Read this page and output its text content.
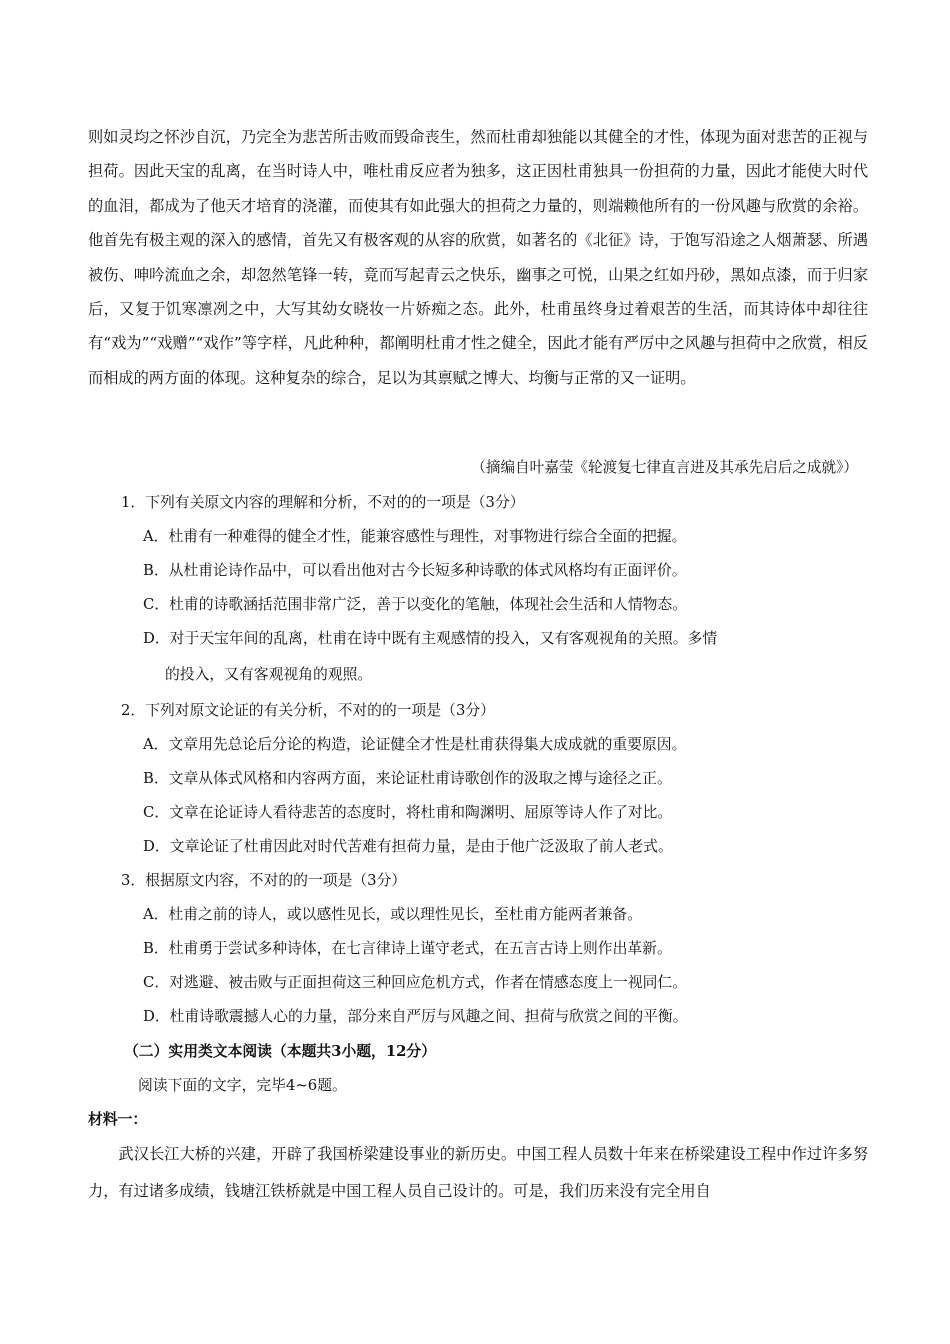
则如灵均之怀沙自沉，乃完全为悲苦所击败而毁命丧生，然而杜甫却独能以其健全的才性，体现为面对悲苦的正视与担荷。因此天宝的乱离，在当时诗人中，唯杜甫反应者为独多，这正因杜甫独具一份担荷的力量，因此才能使大时代的血泪，都成为了他天才培育的浇灌，而使其有如此强大的担荷之力量的，则端赖他所有的一份风趣与欣赏的余裕。他首先有极主观的深入的感情，首先又有极客观的从容的欣赏，如著名的《北征》诗，于饱写沿途之人烟萧瑟、所遇被伤、呻吟流血之余，却忽然笔锋一转，竟而写起青云之快乐，幽事之可悦，山果之红如丹砂，黑如点漆，而于归家后，又复于饥寒凛冽之中，大写其幼女晓妆一片娇痴之态。此外，杜甫虽终身过着艰苦的生活，而其诗体中却往往有“戏为”“戏赠”“戏作”等字样，凡此种种，都阐明杜甫才性之健全，因此才能有严厉中之风趣与担荷中之欣赏，相反而相成的两方面的体现。这种复杂的综合，足以为其禀赋之博大、均衡与正常的又一证明。

（摘编自叶嘉莹《轮渡复七律直言进及其承先启后之成就》）

1．下列有关原文内容的理解和分析，不对的的一项是（3分）

A．杜甫有一种难得的健全才性，能兼容感性与理性，对事物进行综合全面的把握。

B．从杜甫论诗作品中，可以看出他对古今长短多种诗歌的体式风格均有正面评价。

C．杜甫的诗歌涵括范围非常广泛，善于以变化的笔触，体现社会生活和人情物态。

D．对于天宝年间的乱离，杜甫在诗中既有主观感情的投入，又有客观视角的关照。多情

的投入，又有客观视角的观照。

2．下列对原文论证的有关分析，不对的的一项是（3分）

A．文章用先总论后分论的构造，论证健全才性是杜甫获得集大成成就的重要原因。

B．文章从体式风格和内容两方面，来论证杜甫诗歌创作的汲取之博与途径之正。

C．文章在论证诗人看待悲苦的态度时，将杜甫和陶渊明、屈原等诗人作了对比。

D．文章论证了杜甫因此对时代苦难有担荷力量，是由于他广泛汲取了前人老式。

3．根据原文内容，不对的的一项是（3分）

A．杜甫之前的诗人，或以感性见长，或以理性见长，至杜甫方能两者兼备。

B．杜甫勇于尝试多种诗体，在七言律诗上谨守老式，在五言古诗上则作出革新。

C．对逃避、被击败与正面担荷这三种回应危机方式，作者在情感态度上一视同仁。

D．杜甫诗歌震撼人心的力量，部分来自严厉与风趣之间、担荷与欣赏之间的平衡。

（二）实用类文本阅读（本题共3小题，12分）

阅读下面的文字，完毕4~6题。

材料一：

武汉长江大桥的兴建，开辟了我国桥梁建设事业的新历史。中国工程人员数十年来在桥梁建设工程中作过许多努力，有过诸多成绩，钱塘江铁桥就是中国工程人员自己设计的。可是，我们历来没有完全用自
